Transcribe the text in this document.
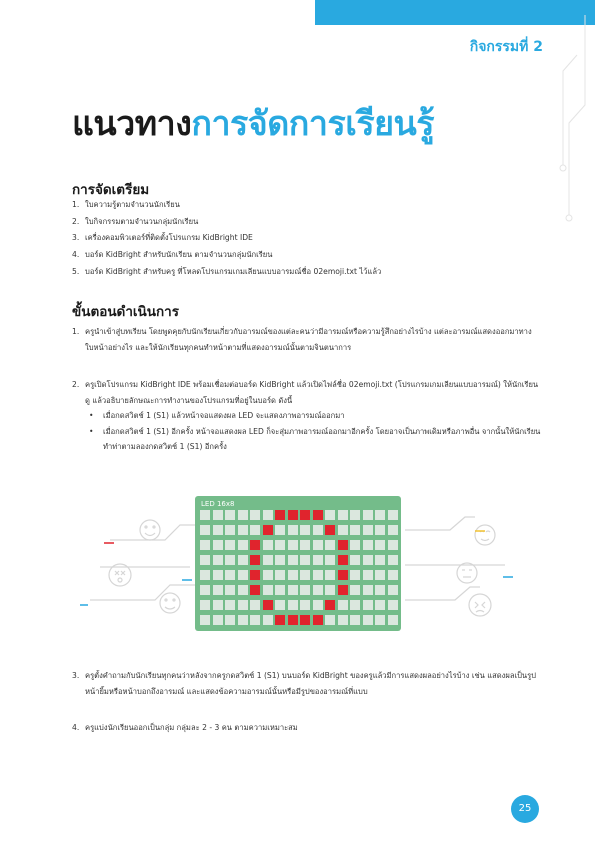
กิจกรรมที่ 2
แนวทางการจัดการเรียนรู้
การจัดเตรียม
1. ใบความรู้ตามจำนวนนักเรียน
2. ใบกิจกรรมตามจำนวนกลุ่มนักเรียน
3. เครื่องคอมพิวเตอร์ที่ติดตั้งโปรแกรม KidBright IDE
4. บอร์ด KidBright สำหรับนักเรียน ตามจำนวนกลุ่มนักเรียน
5. บอร์ด KidBright สำหรับครู ที่โหลดโปรแกรมเกมเลียนแบบอารมณ์ชื่อ 02emoji.txt ไว้แล้ว
ขั้นตอนดำเนินการ
1. ครูนำเข้าสู่บทเรียน โดยพูดคุยกับนักเรียนเกี่ยวกับอารมณ์ของแต่ละคนว่ามีอารมณ์หรือความรู้สึกอย่างไรบ้าง แต่ละอารมณ์แสดงออกมาทางใบหน้าอย่างไร และให้นักเรียนทุกคนทำหน้าตามที่แสดงอารมณ์นั้นตามจินตนาการ
2. ครูเปิดโปรแกรม KidBright IDE พร้อมเชื่อมต่อบอร์ด KidBright แล้วเปิดไฟล์ชื่อ 02emoji.txt (โปรแกรมเกมเลียนแบบอารมณ์) ให้นักเรียนดู แล้วอธิบายลักษณะการทำงานของโปรแกรมที่อยู่ในบอร์ด ดังนี้
• เมื่อกดสวิตช์ 1 (S1) แล้วหน้าจอแสดงผล LED จะแสดงภาพอารมณ์ออกมา
• เมื่อกดสวิตช์ 1 (S1) อีกครั้ง หน้าจอแสดงผล LED ก็จะสุ่มภาพอารมณ์ออกมาอีกครั้ง โดยอาจเป็นภาพเดิมหรือภาพอื่น จากนั้นให้นักเรียนทำท่าตามลองกดสวิตช์ 1 (S1) อีกครั้ง
LED 16x8
3. ครูตั้งคำถามกับนักเรียนทุกคนว่าหลังจากครูกดสวิตช์ 1 (S1) บนบอร์ด KidBright ของครูแล้วมีการแสดงผลอย่างไรบ้าง เช่น แสดงผลเป็นรูปหน้ายิ้มหรือหน้าบอกถึงอารมณ์ และแสดงข้อความอารมณ์นั้นหรือมีรูปของอารมณ์ที่แบบ
4. ครูแบ่งนักเรียนออกเป็นกลุ่ม กลุ่มละ 2 - 3 คน ตามความเหมาะสม
25
